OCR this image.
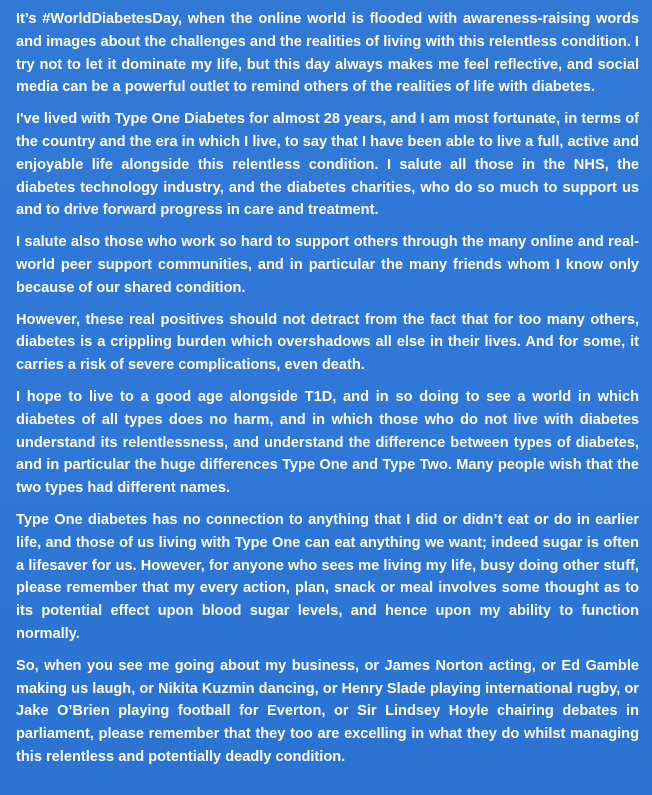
It’s #WorldDiabetesDay, when the online world is flooded with awareness-raising words and images about the challenges and the realities of living with this relentless condition. I try not to let it dominate my life, but this day always makes me feel reflective, and social media can be a powerful outlet to remind others of the realities of life with diabetes.

I've lived with Type One Diabetes for almost 28 years, and I am most fortunate, in terms of the country and the era in which I live, to say that I have been able to live a full, active and enjoyable life alongside this relentless condition. I salute all those in the NHS, the diabetes technology industry, and the diabetes charities, who do so much to support us and to drive forward progress in care and treatment.

I salute also those who work so hard to support others through the many online and real-world peer support communities, and in particular the many friends whom I know only because of our shared condition.

However, these real positives should not detract from the fact that for too many others, diabetes is a crippling burden which overshadows all else in their lives. And for some, it carries a risk of severe complications, even death.

I hope to live to a good age alongside T1D, and in so doing to see a world in which diabetes of all types does no harm, and in which those who do not live with diabetes understand its relentlessness, and understand the difference between types of diabetes, and in particular the huge differences Type One and Type Two. Many people wish that the two types had different names.

Type One diabetes has no connection to anything that I did or didn’t eat or do in earlier life, and those of us living with Type One can eat anything we want; indeed sugar is often a lifesaver for us. However, for anyone who sees me living my life, busy doing other stuff, please remember that my every action, plan, snack or meal involves some thought as to its potential effect upon blood sugar levels, and hence upon my ability to function normally.

So, when you see me going about my business, or James Norton acting, or Ed Gamble making us laugh, or Nikita Kuzmin dancing, or Henry Slade playing international rugby, or Jake O’Brien playing football for Everton, or Sir Lindsey Hoyle chairing debates in parliament, please remember that they too are excelling in what they do whilst managing this relentless and potentially deadly condition.
